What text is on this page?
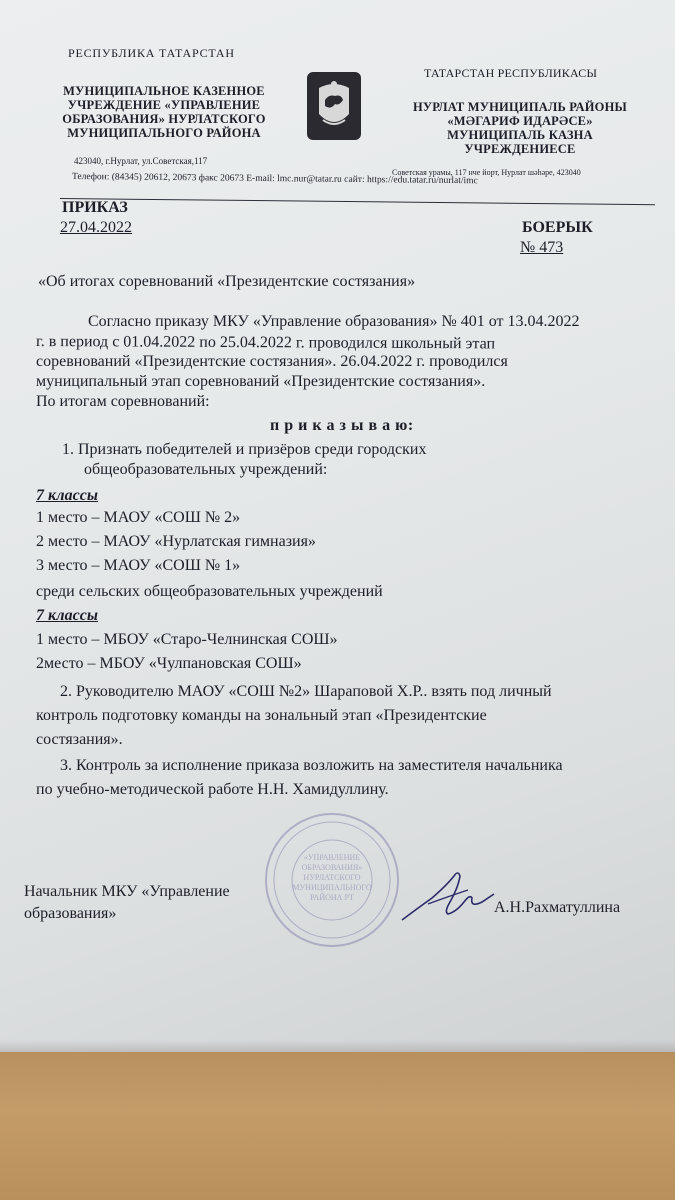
РЕСПУБЛИКА ТАТАРСТАН
МУНИЦИПАЛЬНОЕ КАЗЕННОЕ
УЧРЕЖДЕНИЕ «УПРАВЛЕНИЕ
ОБРАЗОВАНИЯ» НУРЛАТСКОГО
МУНИЦИПАЛЬНОГО РАЙОНА
ТАТАРСТАН РЕСПУБЛИКАСЫ
НУРЛАТ МУНИЦИПАЛЬ РАЙОНЫ
«МӘГАРИФ ИДАРӘСЕ»
МУНИЦИПАЛЬ КАЗНА
УЧРЕЖДЕНИЕСЕ
423040, г.Нурлат, ул.Советская,117
Советская урамы, 117 нче йорт, Нурлат шәһәре, 423040
Телефон: (84345) 20612, 20673 факс 20673 E-mail: lmc.nur@tatar.ru сайт: https://edu.tatar.ru/nurlat/imc
ПРИКАЗ
27.04.2022	БОЕРЫК
№ 473
«Об итогах соревнований «Президентские состязания»
Согласно приказу МКУ «Управление образования» № 401 от 13.04.2022
г. в период с 01.04.2022 по 25.04.2022 г. проводился школьный этап
соревнований «Президентские состязания». 26.04.2022 г. проводился
муниципальный этап соревнований «Президентские состязания».
По итогам соревнований:
п р и к а з ы в а ю:
1. Признать победителей и призёров среди городских
общеобразовательных учреждений:
7 классы
1 место – МАОУ «СОШ № 2»
2 место – МАОУ «Нурлатская гимназия»
3 место – МАОУ «СОШ № 1»
среди сельских общеобразовательных учреждений
7 классы
1 место – МБОУ «Старо-Челнинская СОШ»
2место – МБОУ «Чулпановская СОШ»
2. Руководителю МАОУ «СОШ №2» Шараповой Х.Р.. взять под личный
контроль подготовку команды на зональный этап «Президентские
состязания».
3. Контроль за исполнение приказа возложить на заместителя начальника
по учебно-методической работе Н.Н. Хамидуллину.
«УПРАВЛЕНИЕ
ОБРАЗОВАНИЯ»
НУРЛАТСКОГО
МУНИЦИПАЛЬНОГО
РАЙОНА РТ
Начальник МКУ «Управление
образования»	А.Н.Рахматуллина
